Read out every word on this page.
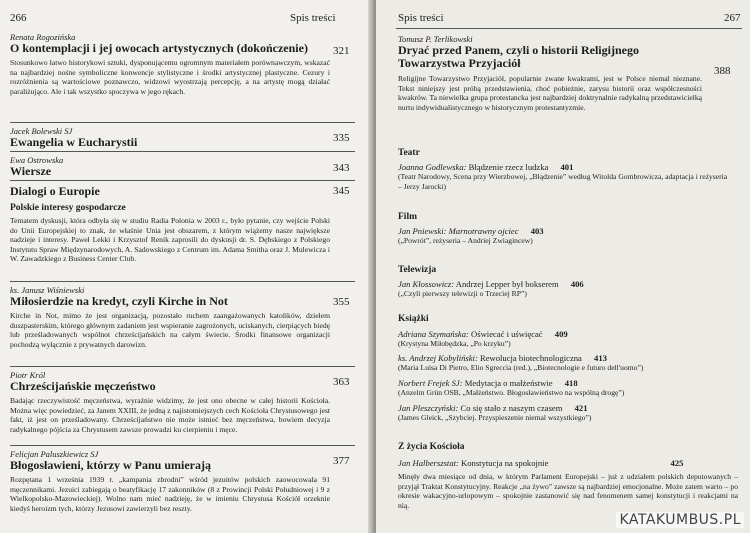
266	Spis treści
Renata Rogozińska
O kontemplacji i jej owocach artystycznych (dokończenie)
Stosunkowo łatwo historykowi sztuki, dysponującemu ogromnym materiałem porównawczym, wskazać na najbardziej nośne symboliczne konwencje stylistyczne i środki artystycznej plastyczne. Cezury i rozróżnienia są wartościowe poznawczo, widzowi wyostrzają percepcję, a na artystę mogą działać paraliżująco. Ale i tak wszystko spoczywa w jego rękach.
321
Jacek Bolewski SJ
Ewangelia w Eucharystii	335
Ewa Ostrowska
Wiersze	343
Dialogi o Europie
Polskie interesy gospodarcze
Tematem dyskusji, która odbyła się w studiu Radia Polonia w 2003 r., było pytanie, czy wejście Polski do Unii Europejskiej to znak, że właśnie Unia jest obszarem, z którym wiążemy nasze największe nadzieje i interesy. Paweł Lekki i Krzysztof Renik zaprosili do dyskusji dr. S. Dębskiego z Polskiego Instytutu Spraw Międzynarodowych, A. Sadowskiego z Centrum im. Adama Smitha oraz J. Mulewicza i W. Zawadzkiego z Business Center Club.
345
ks. Janusz Wiśniewski
Miłosierdzie na kredyt, czyli Kirche in Not
Kirche in Not, mimo że jest organizacją, pozostało ruchem zaangażowanych katolików, dziełem duszpasterskim, którego głównym zadaniem jest wspieranie zagrożonych, uciskanych, cierpiących biedę lub prześladowanych wspólnot chrześcijańskich na całym świecie. Środki finansowe organizacji pochodzą wyłącznie z prywatnych darowizn.
355
Piotr Król
Chrześcijańskie męczeństwo
Badając rzeczywistość męczeństwa, wyraźnie widzimy, że jest ono obecne w całej historii Kościoła. Można więc powiedzieć, za Janem XXIII, że jedną z najistotniejszych cech Kościoła Chrystusowego jest fakt, iż jest on prześladowany. Chrześcijaństwo nie może istnieć bez męczeństwa, bowiem decyzja radykalnego pójścia za Chrystusem zawsze prowadzi ku cierpieniu i męce.
363
Felicjan Paluszkiewicz SJ
Błogosławieni, którzy w Panu umierają
Rozpętana 1 września 1939 r. „kampania zbrodni” wśród jezuitów polskich zaowocowała 91 męczennikami. Jezuici zabiegają o beatyfikację 17 zakonników (8 z Prowincji Polski Południowej i 9 z Wielkopolsko-Mazowieckiej). Wolno nam mieć nadzieję, że w imieniu Chrystusa Kościół orzeknie kiedyś heroizm tych, którzy Jezusowi zawierzyli bez reszty.
377
Spis treści	267
Tomasz P. Terlikowski
Dryać przed Panem, czyli o historii Religijnego Towarzystwa Przyjaciół
Religijne Towarzystwo Przyjaciół, popularnie zwane kwakrami, jest w Polsce niemal nieznane. Tekst niniejszy jest próbą przedstawienia, choć pobieżnie, zarysu historii oraz współczesności kwakrów. Ta niewielka grupa protestancka jest najbardziej doktrynalnie radykalną przedstawicielką nurtu indywidualistycznego w historycznym protestantyzmie.
388
Teatr
Joanna Godlewska: Błądzenie rzecz ludzka 401
(Teatr Narodowy, Scena przy Wierzbowej, „Błądzenie” według Witolda Gombrowicza, adaptacja i reżyseria – Jerzy Jarocki)
Film
Jan Pniewski: Marnotrawny ojciec 403
(„Powrót”, reżyseria – Andriej Zwiagincew)
Telewizja
Jan Kłossowicz: Andrzej Lepper był bokserem 406
(„Czyli pierwszy telewizji o Trzeciej RP”)
Książki
Adriana Szymańska: Oświecać i uświęcać 409
(Krystyna Miłobędzka, „Po krzyku”)
ks. Andrzej Kobyliński: Rewolucja biotechnologiczna 413
(Maria Luisa Di Pietro, Elio Sgreccia (red.), „Biotecnologie e futuro dell'uomo”)
Norbert Frejek SJ: Medytacja o małżeństwie 418
(Anzelm Grün OSB, „Małżeństwo. Błogosławieństwo na wspólną drogę”)
Jan Pleszczyński: Co się stało z naszym czasem 421
(James Gleick, „Szybciej. Przyspieszenie niemal wszystkiego”)
Z życia Kościoła
Jan Halberszstat: Konstytucja na spokojnie	425
Minęły dwa miesiące od dnia, w którym Parlament Europejski – już z udziałem polskich deputowanych – przyjął Traktat Konstytucyjny. Reakcje „na żywo” zawsze są najbardziej emocjonalne. Może zatem warto – po okresie wakacyjno-urlopowym – spokojnie zastanowić się nad fenomenem samej konstytucji i reakcjami na nią.
KATAKUMBUS.PL
